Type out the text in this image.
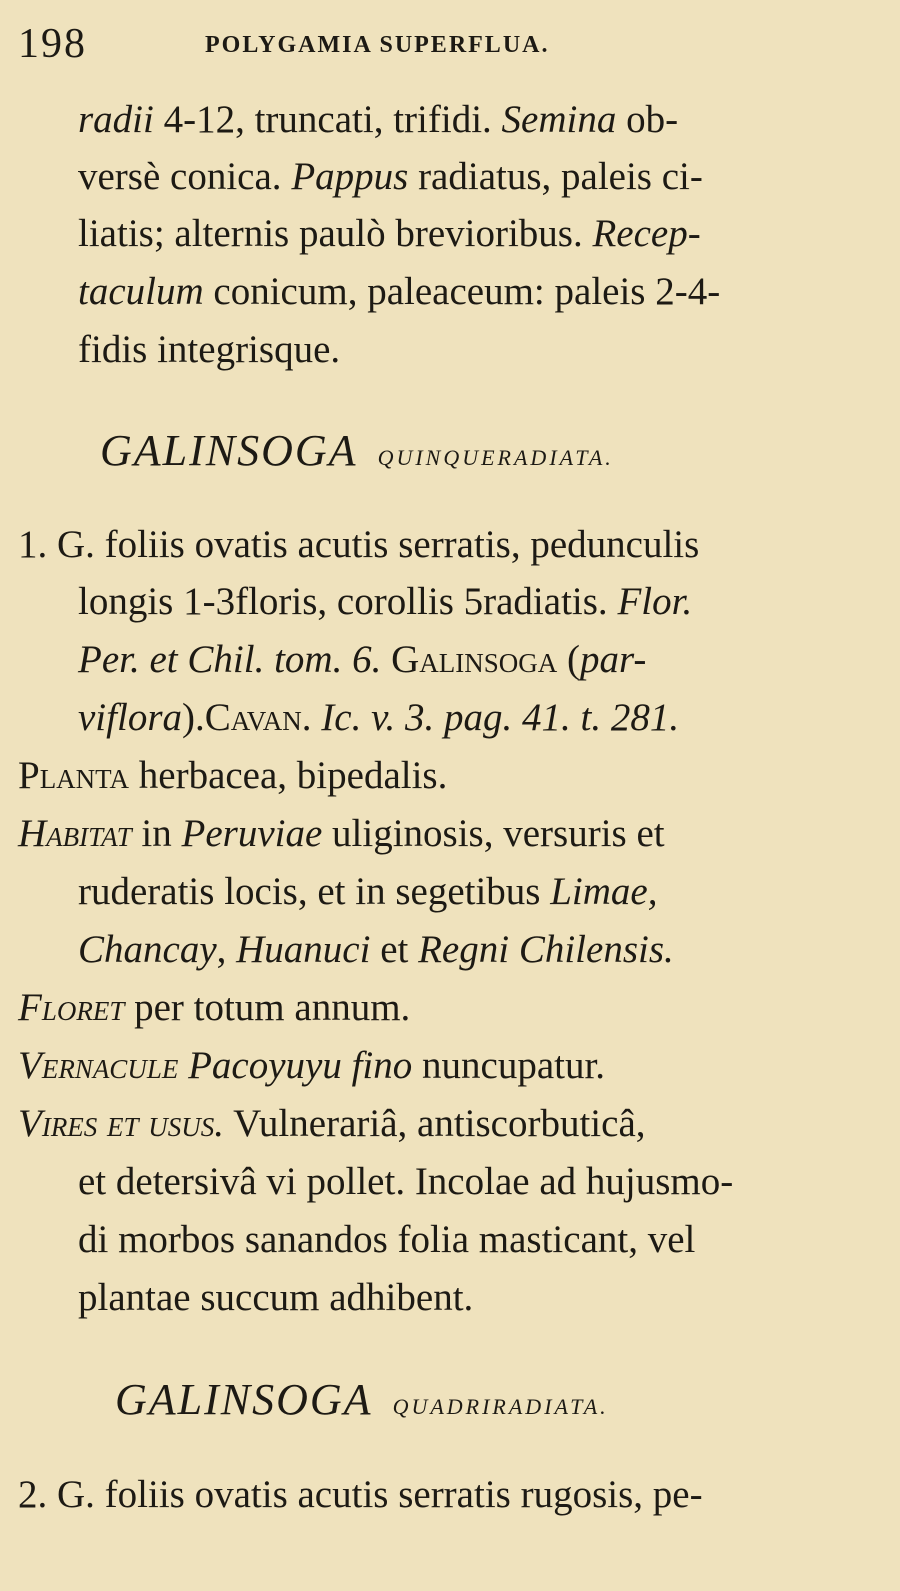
198	POLYGAMIA SUPERFLUA.
radii 4-12, truncati, trifidi. Semina ob-
versè conica. Pappus radiatus, paleis ci-
liatis; alternis paulò brevioribus. Recep-
taculum conicum, paleaceum: paleis 2-4-
fidis integrisque.
GALINSOGA QUINQUERADIATA.
1. G. foliis ovatis acutis serratis, pedunculis
longis 1-3floris, corollis 5radiatis. Flor.
Per. et Chil. tom. 6. Galinsoga (par-
viflora).Cavan. Ic. v. 3. pag. 41. t. 281.
Planta herbacea, bipedalis.
Habitat in Peruviae uliginosis, versuris et
ruderatis locis, et in segetibus Limae,
Chancay, Huanuci et Regni Chilensis.
Floret per totum annum.
Vernacule Pacoyuyu fino nuncupatur.
Vires et usus. Vulnerariâ, antiscorbuticâ,
et detersivâ vi pollet. Incolae ad hujusmo-
di morbos sanandos folia masticant, vel
plantae succum adhibent.
GALINSOGA QUADRIRADIATA.
2. G. foliis ovatis acutis serratis rugosis, pe-
